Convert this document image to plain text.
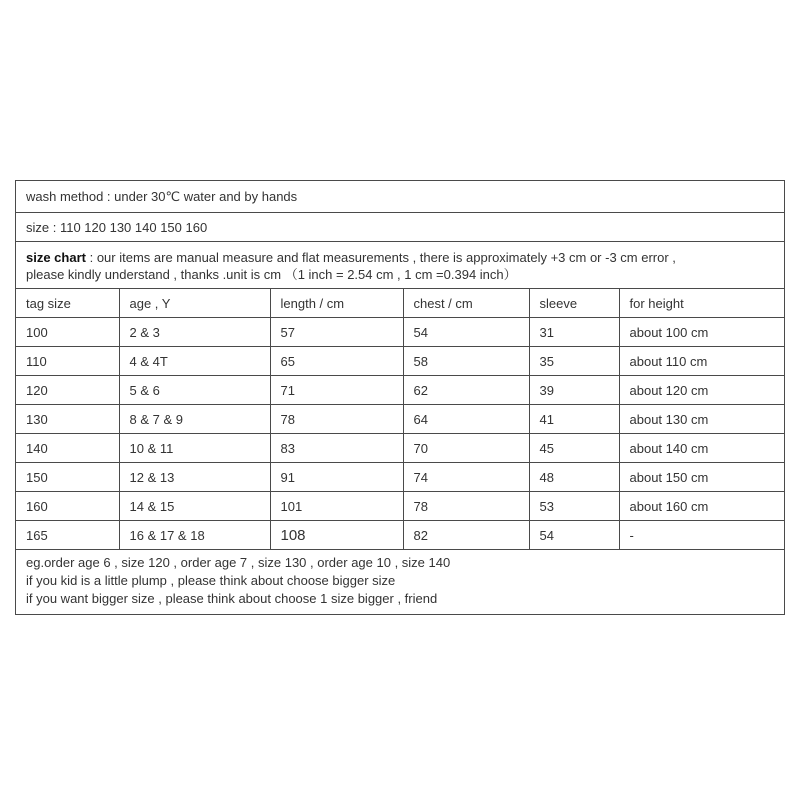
wash method : under 30℃ water and by hands
size : 110 120 130 140 150 160
size chart : our items are manual measure and flat measurements , there is approximately +3 cm or -3 cm error ,
please kindly understand , thanks .unit is cm （1 inch = 2.54 cm , 1 cm =0.394 inch）
tag size	age , Y	length / cm	chest / cm	sleeve	for height
100	2 & 3	57	54	31	about 100 cm
110	4 & 4T	65	58	35	about 110 cm
120	5 & 6	71	62	39	about 120 cm
130	8 & 7 & 9	78	64	41	about 130 cm
140	10 & 11	83	70	45	about 140 cm
150	12 & 13	91	74	48	about 150 cm
160	14 & 15	101	78	53	about 160 cm
165	16 & 17 & 18	108	82	54	-
eg.order age 6 , size 120 , order age 7 , size 130 , order age 10 , size 140
if you kid is a little plump , please think about choose bigger size
if you want bigger size , please think about choose 1 size bigger , friend
